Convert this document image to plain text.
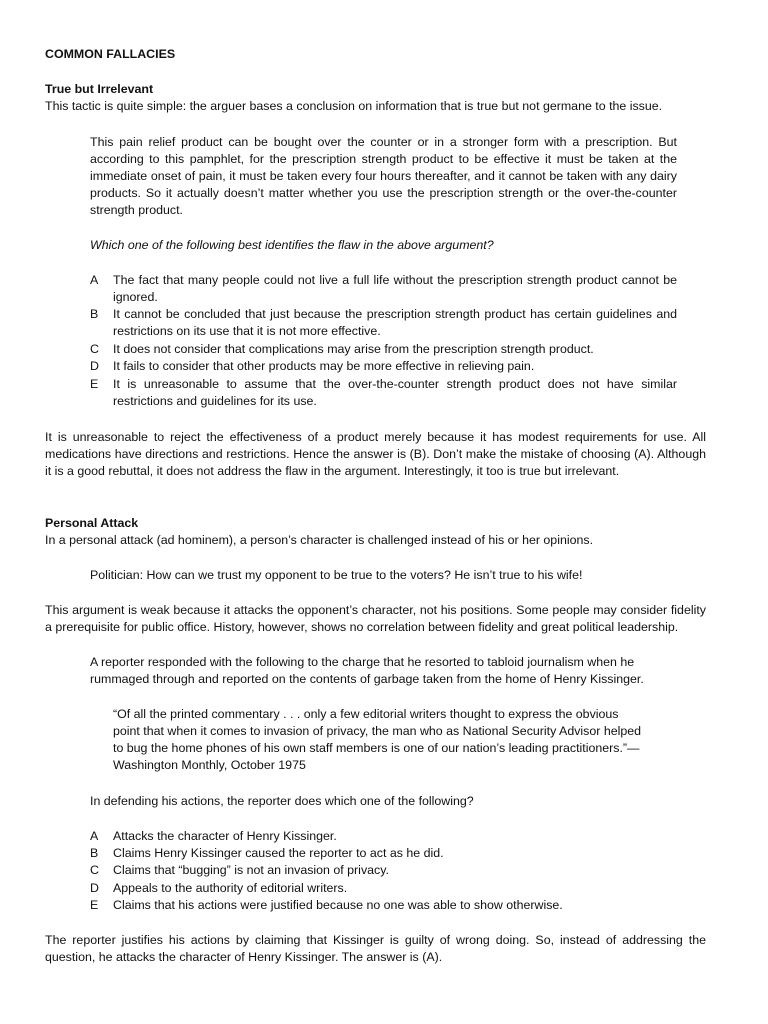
COMMON FALLACIES
True but Irrelevant
This tactic is quite simple: the arguer bases a conclusion on information that is true but not germane to the issue.
This pain relief product can be bought over the counter or in a stronger form with a prescription. But according to this pamphlet, for the prescription strength product to be effective it must be taken at the immediate onset of pain, it must be taken every four hours thereafter, and it cannot be taken with any dairy products. So it actually doesn’t matter whether you use the prescription strength or the over-the-counter strength product.
Which one of the following best identifies the flaw in the above argument?
A	The fact that many people could not live a full life without the prescription strength product cannot be ignored.
B	It cannot be concluded that just because the prescription strength product has certain guidelines and restrictions on its use that it is not more effective.
C	It does not consider that complications may arise from the prescription strength product.
D	It fails to consider that other products may be more effective in relieving pain.
E	It is unreasonable to assume that the over-the-counter strength product does not have similar restrictions and guidelines for its use.
It is unreasonable to reject the effectiveness of a product merely because it has modest requirements for use. All medications have directions and restrictions. Hence the answer is (B). Don’t make the mistake of choosing (A). Although it is a good rebuttal, it does not address the flaw in the argument. Interestingly, it too is true but irrelevant.
Personal Attack
In a personal attack (ad hominem), a person’s character is challenged instead of his or her opinions.
Politician: How can we trust my opponent to be true to the voters? He isn’t true to his wife!
This argument is weak because it attacks the opponent’s character, not his positions. Some people may consider fidelity a prerequisite for public office. History, however, shows no correlation between fidelity and great political leadership.
A reporter responded with the following to the charge that he resorted to tabloid journalism when he rummaged through and reported on the contents of garbage taken from the home of Henry Kissinger.
“Of all the printed commentary . . . only a few editorial writers thought to express the obvious
point that when it comes to invasion of privacy, the man who as National Security Advisor helped
to bug the home phones of his own staff members is one of our nation’s leading practitioners.”—
Washington Monthly, October 1975
In defending his actions, the reporter does which one of the following?
A	Attacks the character of Henry Kissinger.
B	Claims Henry Kissinger caused the reporter to act as he did.
C	Claims that “bugging” is not an invasion of privacy.
D	Appeals to the authority of editorial writers.
E	Claims that his actions were justified because no one was able to show otherwise.
The reporter justifies his actions by claiming that Kissinger is guilty of wrong doing. So, instead of addressing the question, he attacks the character of Henry Kissinger. The answer is (A).
